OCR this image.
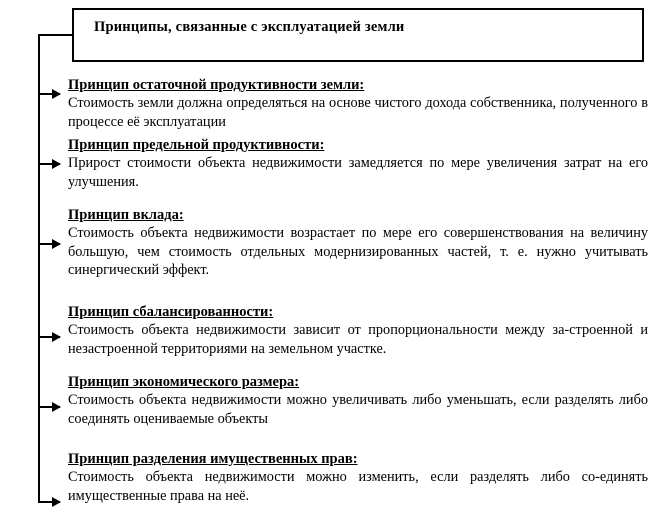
Принципы, связанные с эксплуатацией земли
Принцип остаточной продуктивности земли:
Стоимость земли должна определяться на основе чистого дохода собственника, полученного в процессе её эксплуатации
Принцип предельной продуктивности:
Прирост стоимости объекта недвижимости замедляется по мере увеличения затрат на его улучшения.
Принцип вклада:
Стоимость объекта недвижимости возрастает по мере его совершенствования на величину большую, чем стоимость отдельных модернизированных частей, т. е. нужно учитывать синергический эффект.
Принцип сбалансированности:
Стоимость объекта недвижимости зависит от пропорциональности между за-строенной и незастроенной территориями на земельном участке.
Принцип экономического размера:
Стоимость объекта недвижимости можно увеличивать либо уменьшать, если разделять либо соединять оцениваемые объекты
Принцип разделения имущественных прав:
Стоимость объекта недвижимости можно изменить, если разделять либо со-единять имущественные права на неё.
